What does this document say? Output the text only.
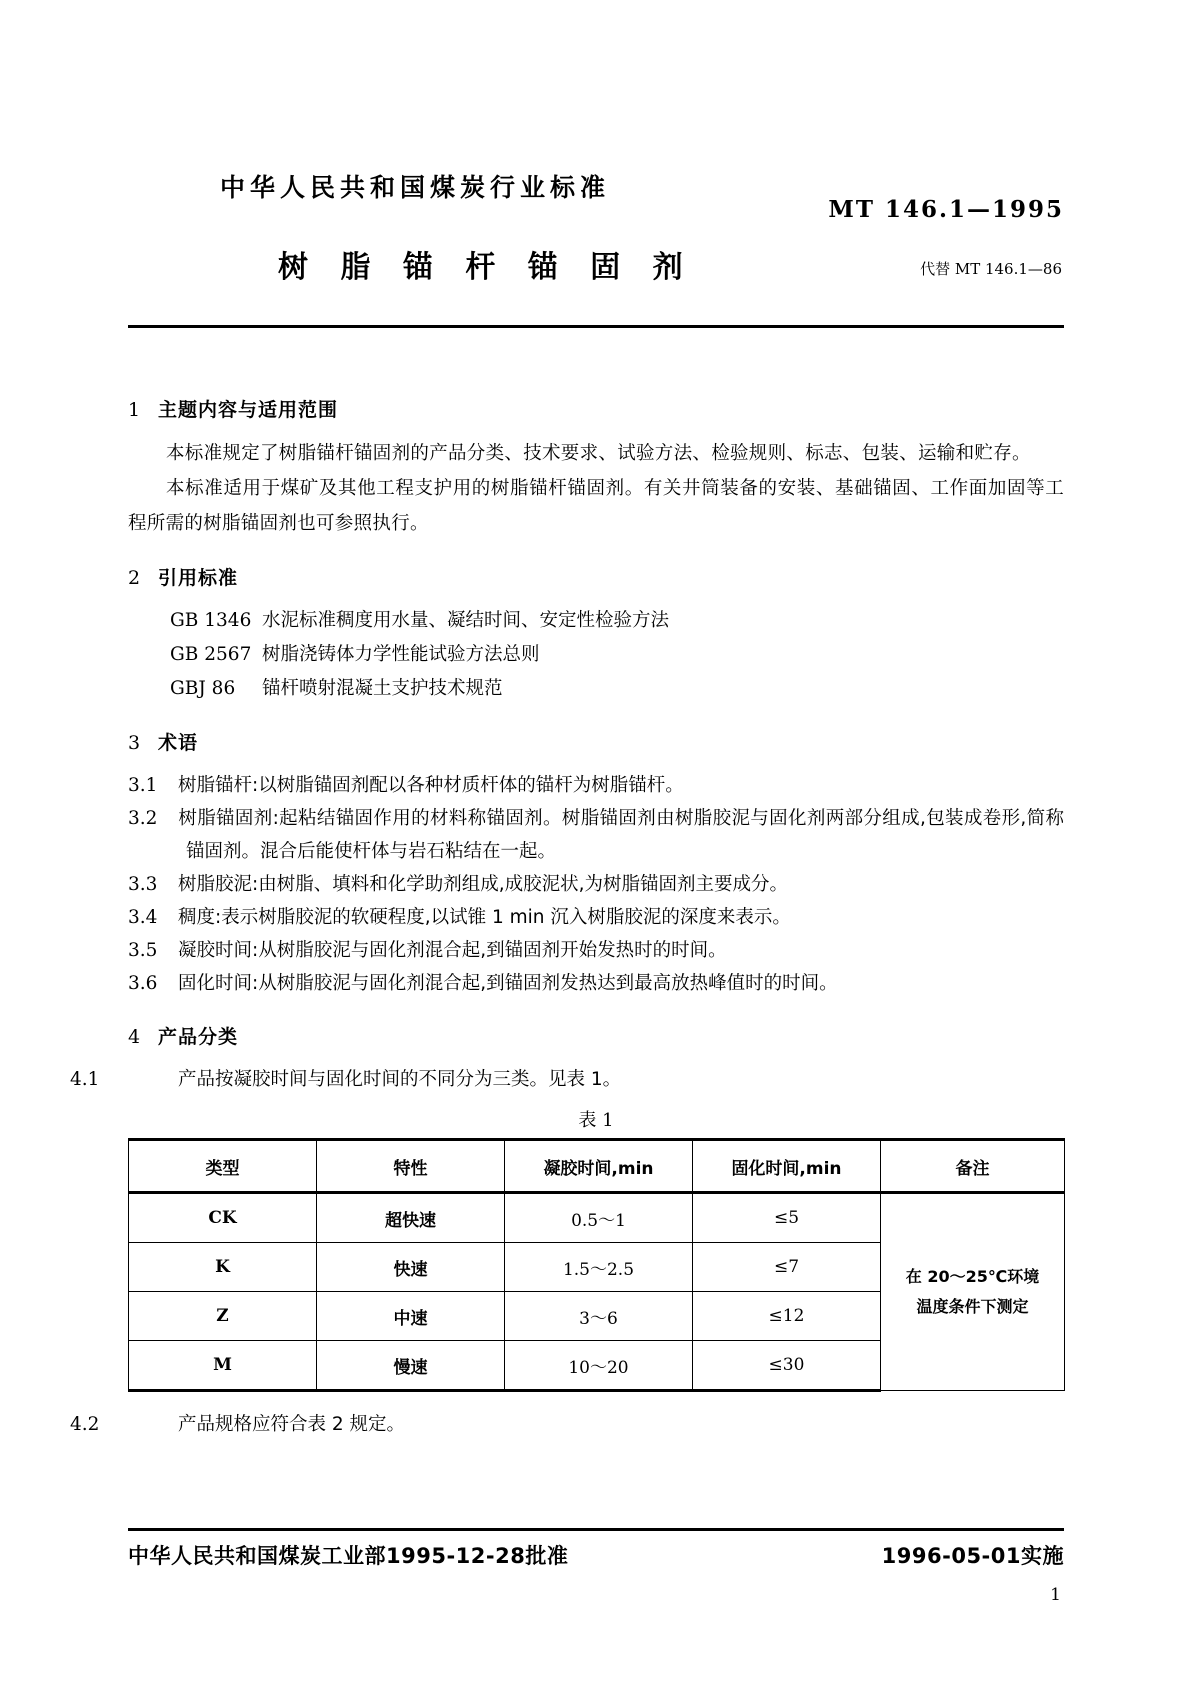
中华人民共和国煤炭行业标准
MT 146.1—1995
树 脂 锚 杆 锚 固 剂	代替 MT 146.1—86
1 主题内容与适用范围

本标准规定了树脂锚杆锚固剂的产品分类、技术要求、试验方法、检验规则、标志、包装、运输和贮存。

本标准适用于煤矿及其他工程支护用的树脂锚杆锚固剂。有关井筒装备的安装、基础锚固、工作面加固等工程所需的树脂锚固剂也可参照执行。

2 引用标准
GB 1346 水泥标准稠度用水量、凝结时间、安定性检验方法
GB 2567 树脂浇铸体力学性能试验方法总则
GBJ 86 锚杆喷射混凝土支护技术规范
3 术语

3.1 树脂锚杆:以树脂锚固剂配以各种材质杆体的锚杆为树脂锚杆。

3.2 树脂锚固剂:起粘结锚固作用的材料称锚固剂。树脂锚固剂由树脂胶泥与固化剂两部分组成,包装成卷形,简称锚固剂。混合后能使杆体与岩石粘结在一起。

3.3 树脂胶泥:由树脂、填料和化学助剂组成,成胶泥状,为树脂锚固剂主要成分。

3.4 稠度:表示树脂胶泥的软硬程度,以试锥 1 min 沉入树脂胶泥的深度来表示。

3.5 凝胶时间:从树脂胶泥与固化剂混合起,到锚固剂开始发热时的时间。

3.6 固化时间:从树脂胶泥与固化剂混合起,到锚固剂发热达到最高放热峰值时的时间。

4 产品分类

4.1	产品按凝胶时间与固化时间的不同分为三类。见表 1。

表 1
类型	特性	凝胶时间,min	固化时间,min	备注
CK	超快速	0.5～1	≤5	在 20～25℃环境
温度条件下测定

K	快速	1.5～2.5	≤7	
Z	中速	3～6	≤12	
M	慢速	10～20	≤30	

4.2	产品规格应符合表 2 规定。

中华人民共和国煤炭工业部1995-12-28批准	1996-05-01实施
1
